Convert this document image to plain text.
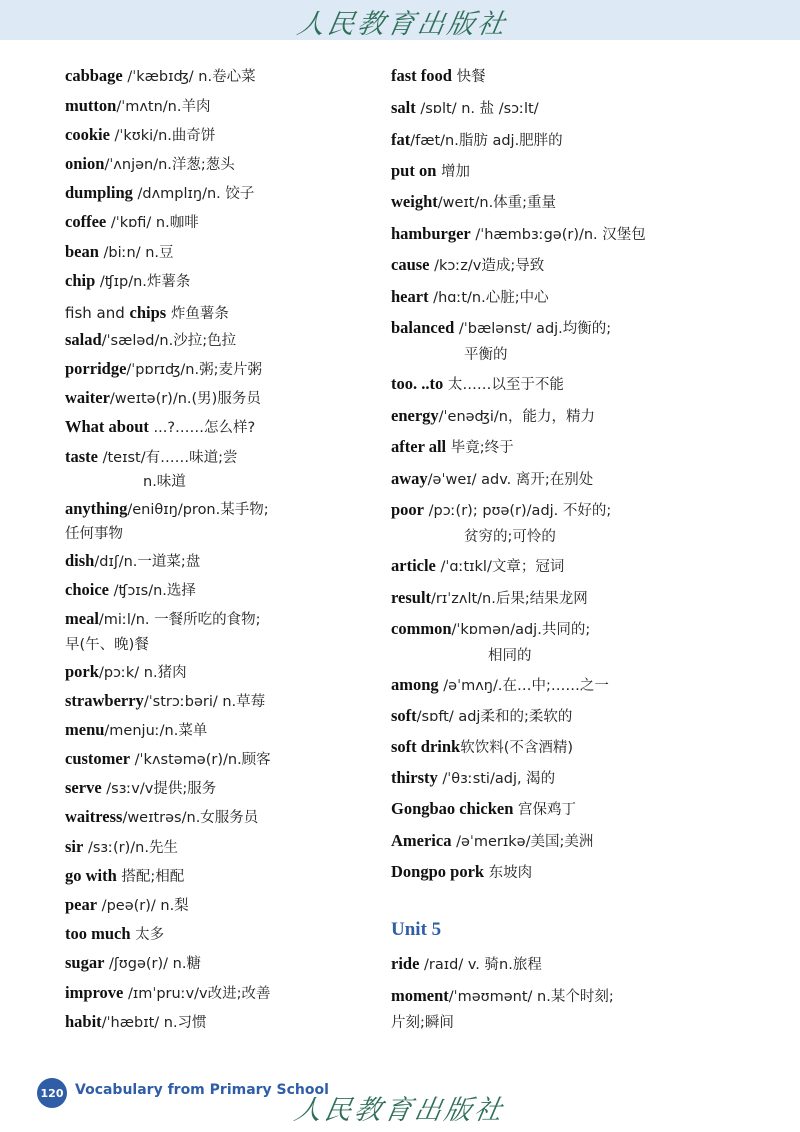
人民教育出版社
cabbage /ˈkæbɪʤ/ n.卷心菜
mutton/ˈmʌtn/n.羊肉
cookie /ˈkʊki/n.曲奇饼
onion/ˈʌnjən/n.洋葱;葱头
dumpling /dʌmplɪŋ/n. 饺子
coffee /ˈkɒfi/ n.咖啡
bean /biːn/ n.豆
chip /ʧɪp/n.炸薯条
fish and chips 炸鱼薯条
salad/ˈsæləd/n.沙拉;色拉
porridge/ˈpɒrɪʤ/n.粥;麦片粥
waiter/weɪtə(r)/n.(男)服务员
What about ...?……怎么样?
taste /teɪst/有……味道;尝
n.味道
anything/eniθɪŋ/pron.某手物;
任何事物
dish/dɪʃ/n.一道菜;盘
choice /ʧɔɪs/n.选择
meal/miːl/n. 一餐所吃的食物;
早(午、晚)餐
pork/pɔːk/ n.猪肉
strawberry/ˈstrɔːbəri/ n.草莓
menu/menjuː/n.菜单
customer /ˈkʌstəmə(r)/n.顾客
serve /sɜːv/v提供;服务
waitress/weɪtrəs/n.女服务员
sir /sɜː(r)/n.先生
go with 搭配;相配
pear /peə(r)/ n.梨
too much 太多
sugar /ʃʊgə(r)/ n.糖
improve /ɪmˈpruːv/v改进;改善
habit/ˈhæbɪt/ n.习惯
fast food 快餐
salt /sɒlt/ n. 盐 /sɔːlt/
fat/fæt/n.脂肪 adj.肥胖的
put on 增加
weight/weɪt/n.体重;重量
hamburger /ˈhæmbɜːgə(r)/n. 汉堡包
cause /kɔːz/v造成;导致
heart /hɑːt/n.心脏;中心
balanced /ˈbælənst/ adj.均衡的;
平衡的
too. ..to 太……以至于不能
energy/ˈenəʤi/n，能力，精力
after all 毕竟;终于
away/əˈweɪ/ adv. 离开;在别处
poor /pɔː(r); pʊə(r)/adj. 不好的;
贫穷的;可怜的
article /ˈɑːtɪkl/文章；冠词
result/rɪˈzʌlt/n.后果;结果龙网
common/ˈkɒmən/adj.共同的;
相同的
among /əˈmʌŋ/.在…中;……之一
soft/sɒft/ adj柔和的;柔软的
soft drink软饮料(不含酒精)
thirsty /ˈθɜːsti/adj, 渴的
Gongbao chicken 宫保鸡丁
America /əˈmerɪkə/美国;美洲
Dongpo pork 东坡肉
Unit 5
ride /raɪd/ v. 骑n.旅程
moment/ˈməʊmənt/ n.某个时刻;
片刻;瞬间
120 Vocabulary from Primary School
人民教育出版社
